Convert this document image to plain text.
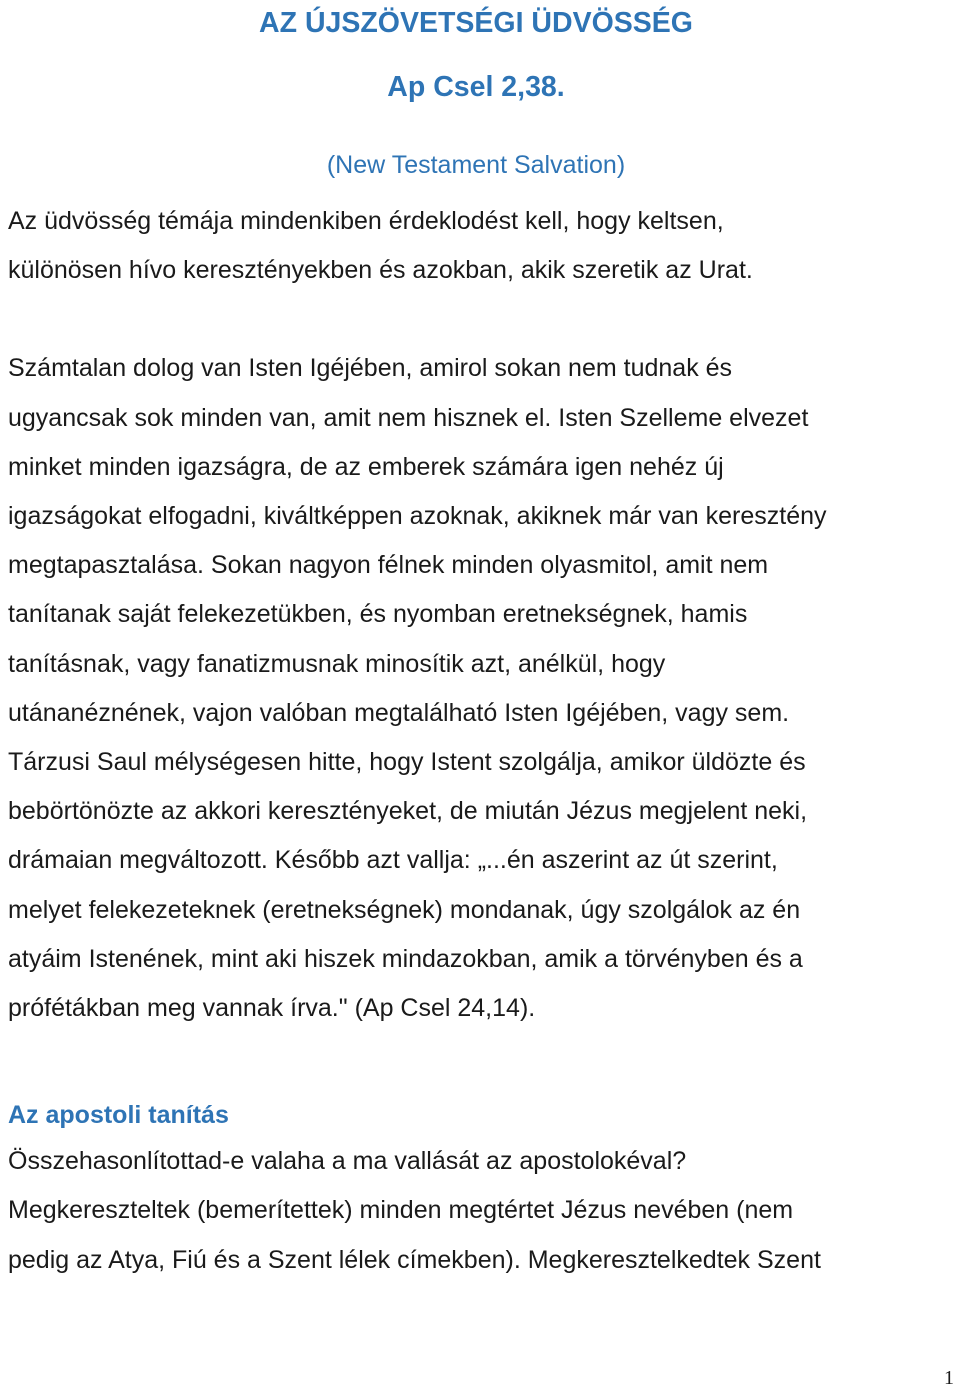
AZ ÚJSZÖVETSÉGI ÜDVÖSSÉG
Ap Csel 2,38.

(New Testament Salvation)

Az üdvösség témája mindenkiben érdeklodést kell, hogy keltsen,
különösen hívo keresztényekben és azokban, akik szeretik az Urat.

Számtalan dolog van Isten Igéjében, amirol sokan nem tudnak és
ugyancsak sok minden van, amit nem hisznek el. Isten Szelleme elvezet
minket minden igazságra, de az emberek számára igen nehéz új
igazságokat elfogadni, kiváltképpen azoknak, akiknek már van keresztény
megtapasztalása. Sokan nagyon félnek minden olyasmitol, amit nem
tanítanak saját felekezetükben, és nyomban eretnekségnek, hamis
tanításnak, vagy fanatizmusnak minosítik azt, anélkül, hogy
utánanéznének, vajon valóban megtalálható Isten Igéjében, vagy sem.
Tárzusi Saul mélységesen hitte, hogy Istent szolgálja, amikor üldözte és
bebörtönözte az akkori keresztényeket, de miután Jézus megjelent neki,
drámaian megváltozott. Később azt vallja: „...én aszerint az út szerint,
melyet felekezeteknek (eretnekségnek) mondanak, úgy szolgálok az én
atyáim Istenének, mint aki hiszek mindazokban, amik a törvényben és a
prófétákban meg vannak írva." (Ap Csel 24,14).

Az apostoli tanítás

Összehasonlítottad-e valaha a ma vallását az apostolokéval?
Megkereszteltek (bemerítettek) minden megtértet Jézus nevében (nem
pedig az Atya, Fiú és a Szent lélek címekben). Megkeresztelkedtek Szent

1
